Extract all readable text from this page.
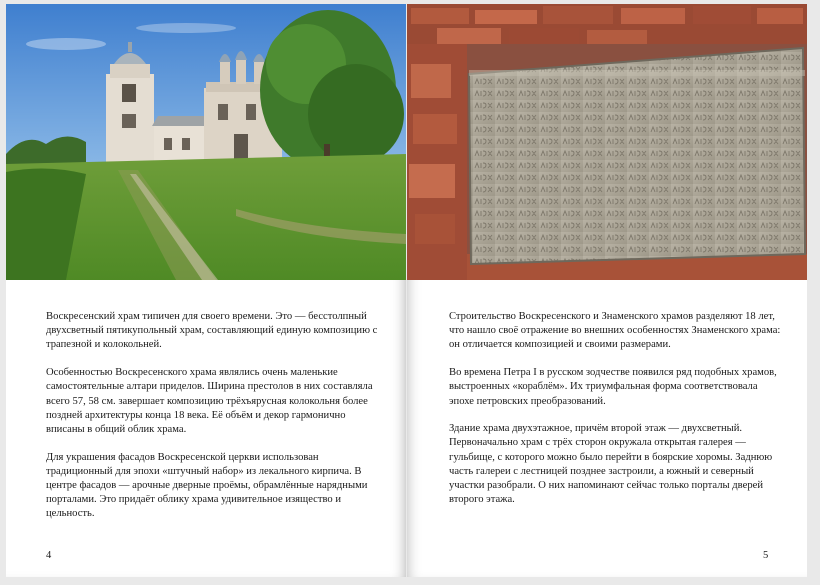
Воскресенский храм типичен для своего времени. Это — бесстолпный двухсветный пятикупольный храм, составляющий единую композицию с трапезной и колокольней.

Особенностью Воскресенского храма являлись очень маленькие самостоятельные алтари приделов. Ширина престолов в них составляла всего 57, 58 см. завершает композицию трёхъярусная колокольня более поздней архитектуры конца 18 века. Её объём и декор гармонично вписаны в общий облик храма.

Для украшения фасадов Воскресенской церкви использован традиционный для эпохи «штучный набор» из лекального кирпича. В центре фасадов — арочные дверные проёмы, обрамлённые нарядными порталами. Это придаёт облику храма удивительное изящество и цельность.

4

Строительство Воскресенского и Знаменского храмов разделяют 18 лет, что нашло своё отражение во внешних особенностях Знаменского храма: он отличается композицией и своими размерами.

Во времена Петра I в русском зодчестве появился ряд подобных храмов, выстроенных «кораблём». Их триумфальная форма соответствовала эпохе петровских преобразований.

Здание храма двухэтажное, причём второй этаж — двухсветный. Первоначально храм с трёх сторон окружала открытая галерея — гульбище, с которого можно было перейти в боярские хоромы. Заднюю часть галереи с лестницей позднее застроили, а южный и северный участки разобрали. О них напоминают сейчас только порталы дверей второго этажа.

5
